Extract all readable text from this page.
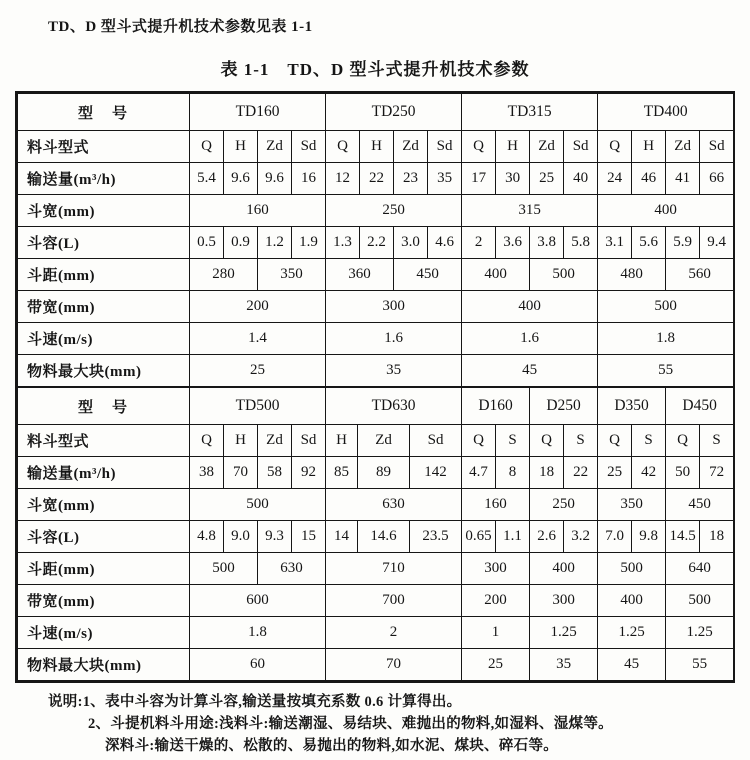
TD、D 型斗式提升机技术参数见表 1-1
表 1-1　TD、D 型斗式提升机技术参数
型　号	TD160				TD250				TD315				TD400			
料斗型式	Q	H	Zd	Sd	Q	H	Zd	Sd	Q	H	Zd	Sd	Q	H	Zd	Sd
输送量(m³/h)	5.4	9.6	9.6	16	12	22	23	35	17	30	25	40	24	46	41	66
斗宽(mm)	160				250				315				400			
斗容(L)	0.5	0.9	1.2	1.9	1.3	2.2	3.0	4.6	2	3.6	3.8	5.8	3.1	5.6	5.9	9.4
斗距(mm)	280		350		360		450		400		500		480		560	
带宽(mm)	200				300				400				500			
斗速(m/s)	1.4				1.6				1.6				1.8			
物料最大块(mm)	25				35				45				55			
型　号	TD500				TD630			D160		D250		D350		D450	
料斗型式	Q	H	Zd	Sd	H	Zd	Sd	Q	S	Q	S	Q	S	Q	S
输送量(m³/h)	38	70	58	92	85	89	142	4.7	8	18	22	25	42	50	72
斗宽(mm)	500				630			160		250		350		450	
斗容(L)	4.8	9.0	9.3	15	14	14.6	23.5	0.65	1.1	2.6	3.2	7.0	9.8	14.5	18
斗距(mm)	500		630		710			300		400		500		640	
带宽(mm)	600				700			200		300		400		500	
斗速(m/s)	1.8				2			1		1.25		1.25		1.25	
物料最大块(mm)	60				70			25		35		45		55	
说明:1、表中斗容为计算斗容,输送量按填充系数 0.6 计算得出。
2、斗提机料斗用途:浅料斗:输送潮湿、易结块、难抛出的物料,如湿料、湿煤等。
深料斗:输送干燥的、松散的、易抛出的物料,如水泥、煤块、碎石等。
